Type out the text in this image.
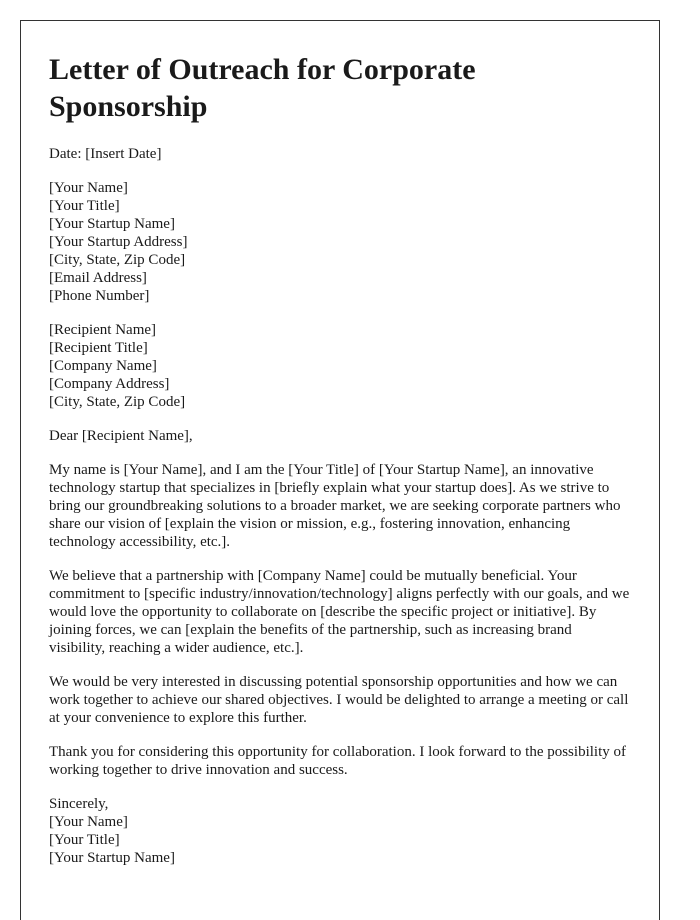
Letter of Outreach for Corporate Sponsorship
Date: [Insert Date]
[Your Name]
[Your Title]
[Your Startup Name]
[Your Startup Address]
[City, State, Zip Code]
[Email Address]
[Phone Number]
[Recipient Name]
[Recipient Title]
[Company Name]
[Company Address]
[City, State, Zip Code]
Dear [Recipient Name],
My name is [Your Name], and I am the [Your Title] of [Your Startup Name], an innovative technology startup that specializes in [briefly explain what your startup does]. As we strive to bring our groundbreaking solutions to a broader market, we are seeking corporate partners who share our vision of [explain the vision or mission, e.g., fostering innovation, enhancing technology accessibility, etc.].
We believe that a partnership with [Company Name] could be mutually beneficial. Your commitment to [specific industry/innovation/technology] aligns perfectly with our goals, and we would love the opportunity to collaborate on [describe the specific project or initiative]. By joining forces, we can [explain the benefits of the partnership, such as increasing brand visibility, reaching a wider audience, etc.].
We would be very interested in discussing potential sponsorship opportunities and how we can work together to achieve our shared objectives. I would be delighted to arrange a meeting or call at your convenience to explore this further.
Thank you for considering this opportunity for collaboration. I look forward to the possibility of working together to drive innovation and success.
Sincerely,
[Your Name]
[Your Title]
[Your Startup Name]
